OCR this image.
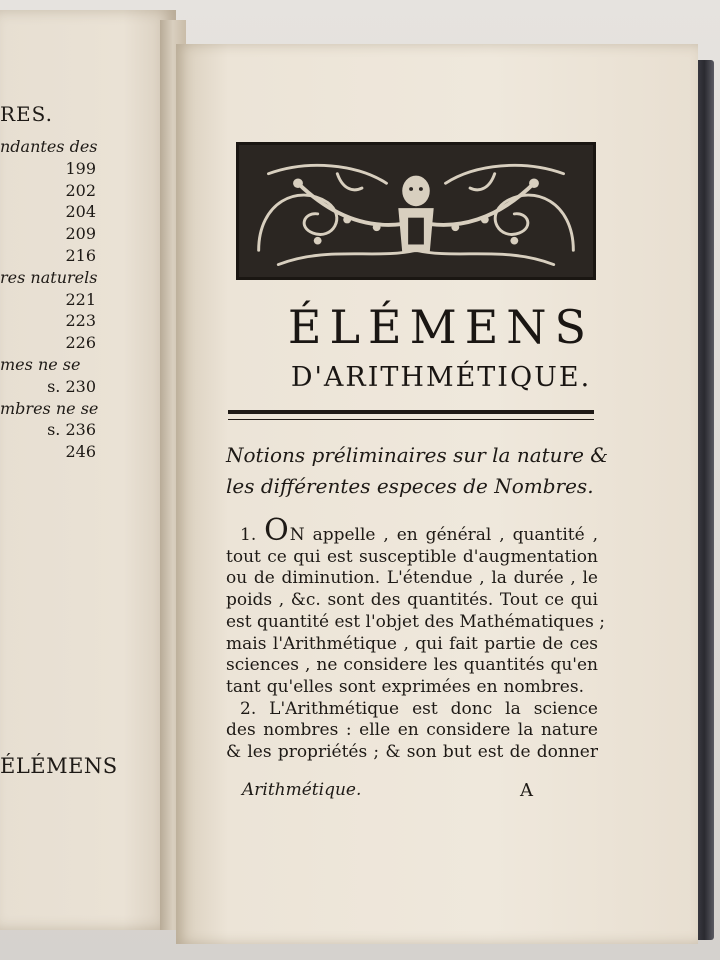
RES.
ndantes des
199
202
204
209
216
res naturels
221
223
226
mes ne se
s. 230
mbres ne se
s. 236
246
ÉLÉMENS
ÉLÉMENS
D'ARITHMÉTIQUE.
Notions préliminaires sur la nature &
les différentes especes de Nombres.
1. ON appelle , en général , quantité ,
tout ce qui est susceptible d'augmentation
ou de diminution. L'étendue , la durée , le
poids , &c. sont des quantités. Tout ce qui
est quantité est l'objet des Mathématiques ;
mais l'Arithmétique , qui fait partie de ces
sciences , ne considere les quantités qu'en
tant qu'elles sont exprimées en nombres.
2. L'Arithmétique est donc la science
des nombres : elle en considere la nature
& les propriétés ; & son but est de donner
Arithmétique.	A
